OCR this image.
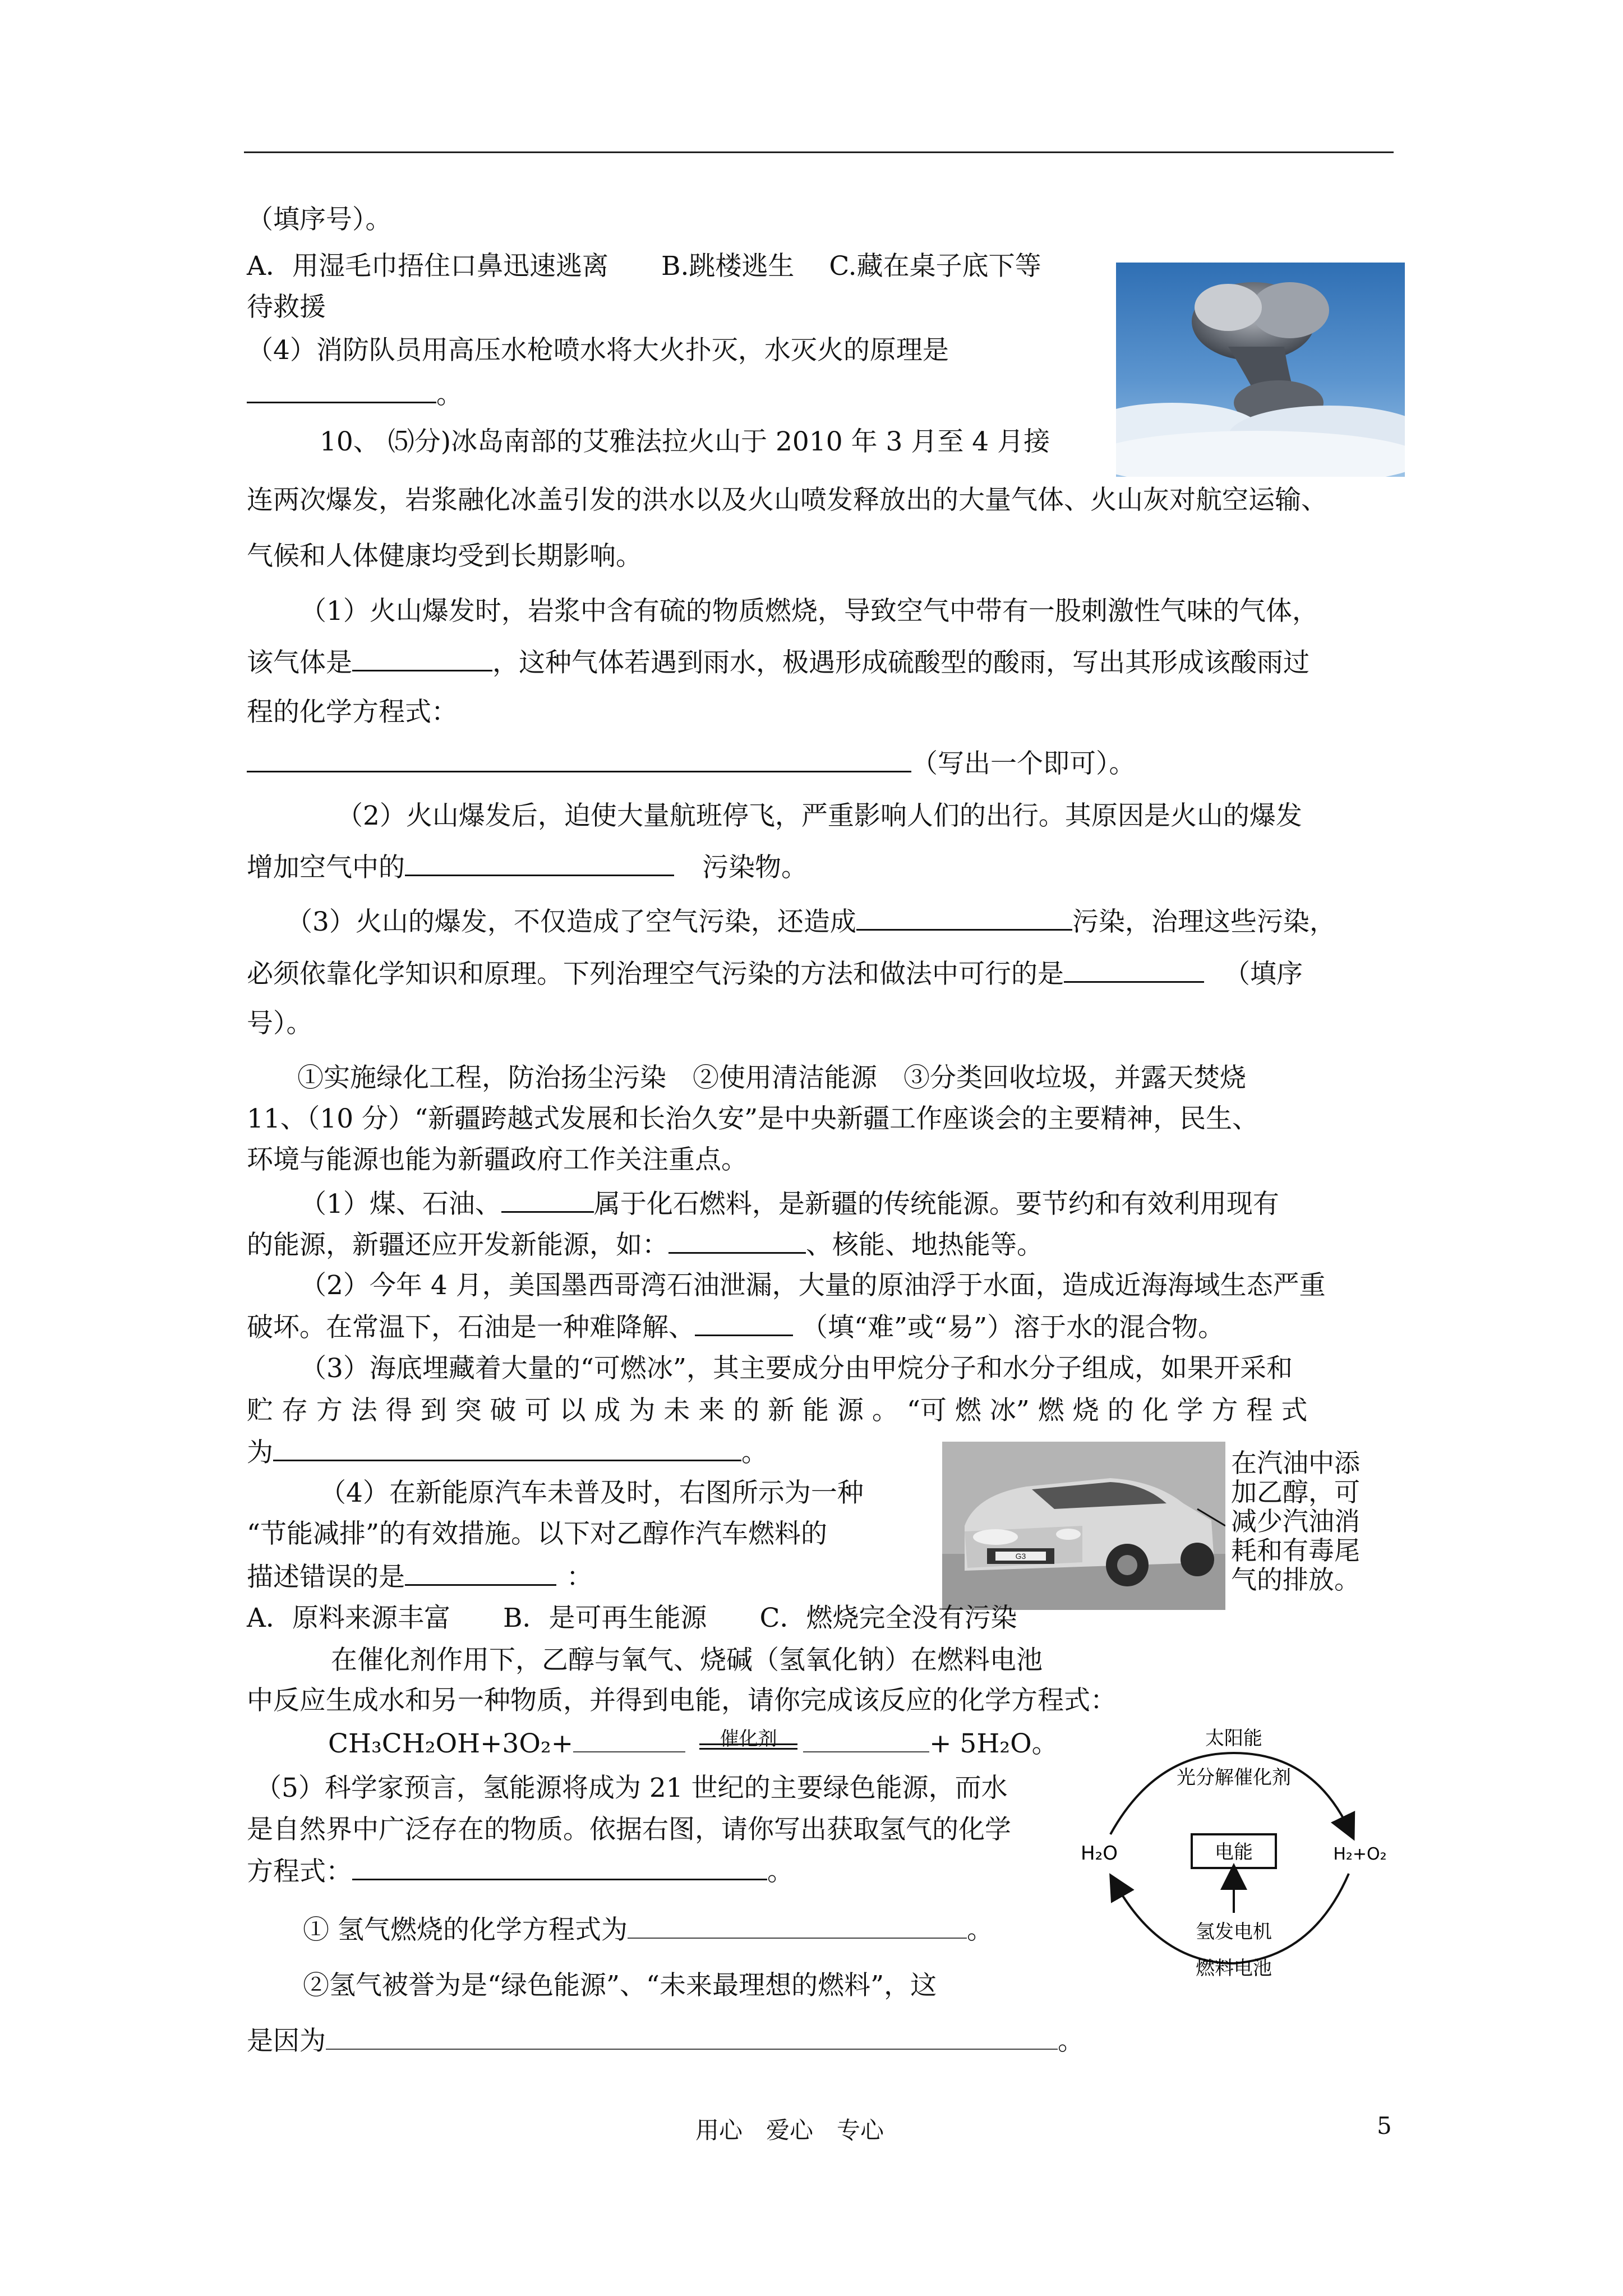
G3
在汽油中添
加乙醇，可
减少汽油消
耗和有毒尾
气的排放。
太阳能
光分解催化剂
H₂O	电能	H₂+O₂
氢发电机
燃料电池
（填序号）。
A．用湿毛巾捂住口鼻迅速逃离　　B.跳楼逃生　 C.藏在桌子底下等
待救援
（4）消防队员用高压水枪喷水将大火扑灭，水灭火的原理是
。
10、 ⑸分)冰岛南部的艾雅法拉火山于 2010 年 3 月至 4 月接
连两次爆发，岩浆融化冰盖引发的洪水以及火山喷发释放出的大量气体、火山灰对航空运输、
气候和人体健康均受到长期影响。
（1）火山爆发时，岩浆中含有硫的物质燃烧，导致空气中带有一股刺激性气味的气体，
该气体是	，这种气体若遇到雨水，极遇形成硫酸型的酸雨，写出其形成该酸雨过
程的化学方程式：
（写出一个即可）。
（2）火山爆发后，迫使大量航班停飞，严重影响人们的出行。其原因是火山的爆发
增加空气中的	污染物。
（3）火山的爆发，不仅造成了空气污染，还造成	污染，治理这些污染，
必须依靠化学知识和原理。下列治理空气污染的方法和做法中可行的是	（填序
号）。
①实施绿化工程，防治扬尘污染　②使用清洁能源　③分类回收垃圾，并露天焚烧
11、（10 分）“新疆跨越式发展和长治久安”是中央新疆工作座谈会的主要精神，民生、
环境与能源也能为新疆政府工作关注重点。
（1）煤、石油、	属于化石燃料，是新疆的传统能源。要节约和有效利用现有
的能源，新疆还应开发新能源，如：	、核能、地热能等。
（2）今年 4 月，美国墨西哥湾石油泄漏，大量的原油浮于水面，造成近海海域生态严重
破坏。在常温下，石油是一种难降解、	（填“难”或“易”）溶于水的混合物。
（3）海底埋藏着大量的“可燃冰”，其主要成分由甲烷分子和水分子组成，如果开采和
贮 存 方 法 得 到 突 破 可 以 成 为 未 来 的 新 能 源 。 “可 燃 冰” 燃 烧 的 化 学 方 程 式
为	。
（4）在新能原汽车未普及时，右图所示为一种
“节能减排”的有效措施。以下对乙醇作汽车燃料的
描述错误的是	：
A．原料来源丰富　　B．是可再生能源　　C．燃烧完全没有污染
在催化剂作用下，乙醇与氧气、烧碱（氢氧化钠）在燃料电池
中反应生成水和另一种物质，并得到电能，请你完成该反应的化学方程式：
CH₃CH₂OH+3O₂+	催化剂	+ 5H₂O。
（5）科学家预言，氢能源将成为 21 世纪的主要绿色能源，而水
是自然界中广泛存在的物质。依据右图，请你写出获取氢气的化学
方程式：	。
① 氢气燃烧的化学方程式为	。
②氢气被誉为是“绿色能源”、“未来最理想的燃料”，这
是因为	。
用心　爱心　专心	5
